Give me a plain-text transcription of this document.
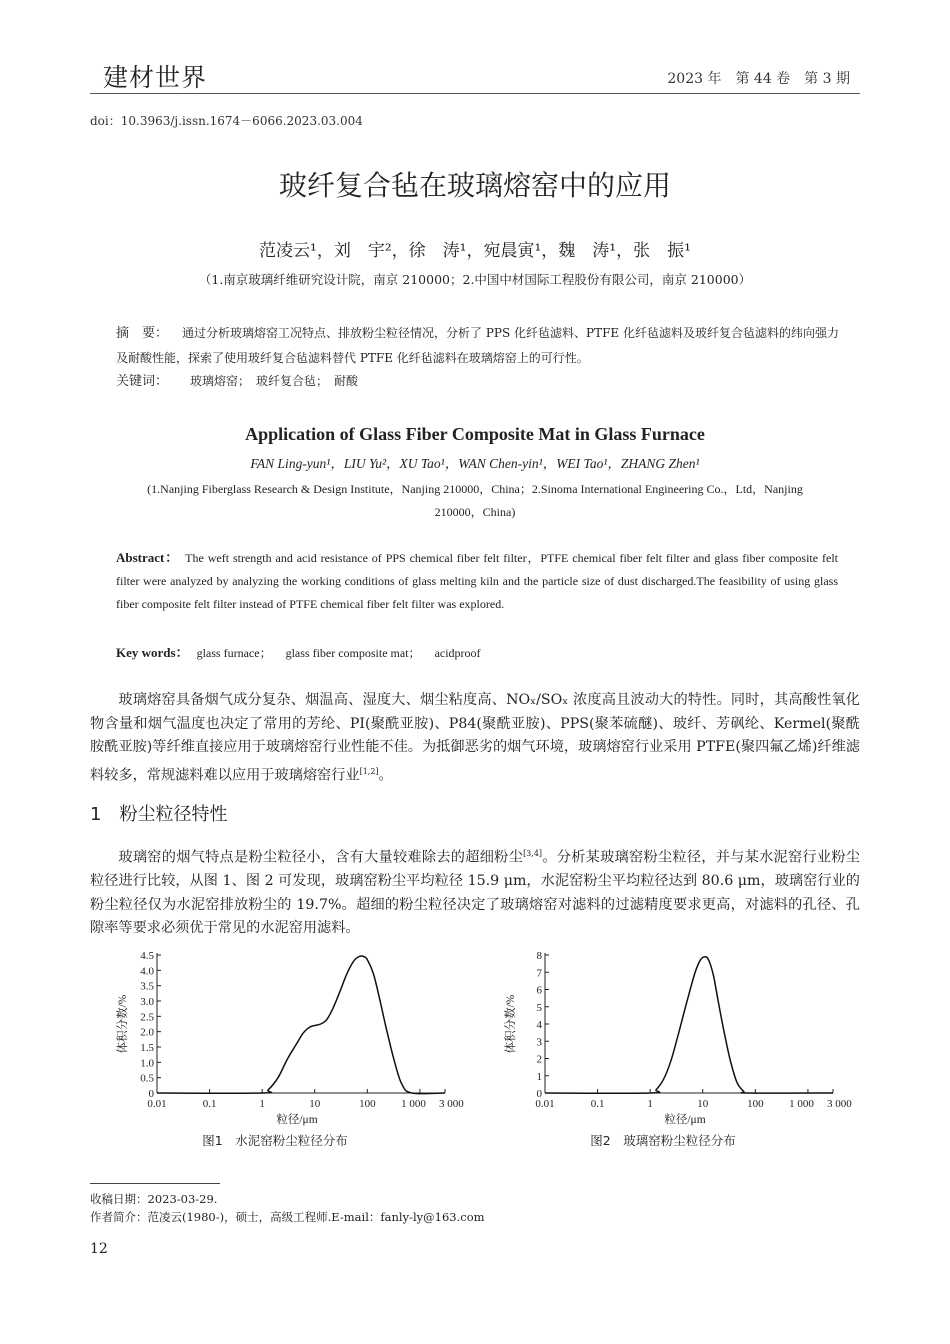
建材世界	2023 年　第 44 卷　第 3 期
doi：10.3963/j.issn.1674－6066.2023.03.004
玻纤复合毡在玻璃熔窑中的应用
范凌云¹，刘　宇²，徐　涛¹，宛晨寅¹，魏　涛¹，张　振¹
（1.南京玻璃纤维研究设计院，南京 210000；2.中国中材国际工程股份有限公司，南京 210000）
摘　要： 通过分析玻璃熔窑工况特点、排放粉尘粒径情况，分析了 PPS 化纤毡滤料、PTFE 化纤毡滤料及玻纤复合毡滤料的纬向强力及耐酸性能，探索了使用玻纤复合毡滤料替代 PTFE 化纤毡滤料在玻璃熔窑上的可行性。
关键词： 玻璃熔窑；　玻纤复合毡；　耐酸
Application of Glass Fiber Composite Mat in Glass Furnace
FAN Ling-yun¹，LIU Yu²，XU Tao¹，WAN Chen-yin¹，WEI Tao¹，ZHANG Zhen¹
(1.Nanjing Fiberglass Research & Design Institute，Nanjing 210000，China；2.Sinoma International Engineering Co.，Ltd，Nanjing 210000，China)
Abstract： The weft strength and acid resistance of PPS chemical fiber felt filter，PTFE chemical fiber felt filter and glass fiber composite felt filter were analyzed by analyzing the working conditions of glass melting kiln and the particle size of dust discharged.The feasibility of using glass fiber composite felt filter instead of PTFE chemical fiber felt filter was explored.
Key words： glass furnace； glass fiber composite mat； acidproof
玻璃熔窑具备烟气成分复杂、烟温高、湿度大、烟尘粘度高、NOₓ/SOₓ 浓度高且波动大的特性。同时，其高酸性氧化物含量和烟气温度也决定了常用的芳纶、PI(聚酰亚胺)、P84(聚酰亚胺)、PPS(聚苯硫醚)、玻纤、芳砜纶、Kermel(聚酰胺酰亚胺)等纤维直接应用于玻璃熔窑行业性能不佳。为抵御恶劣的烟气环境，玻璃熔窑行业采用 PTFE(聚四氟乙烯)纤维滤料较多，常规滤料难以应用于玻璃熔窑行业[1,2]。
1 粉尘粒径特性
玻璃窑的烟气特点是粉尘粒径小，含有大量较难除去的超细粉尘[3,4]。分析某玻璃窑粉尘粒径，并与某水泥窑行业粉尘粒径进行比较，从图 1、图 2 可发现，玻璃窑粉尘平均粒径 15.9 μm，水泥窑粉尘平均粒径达到 80.6 μm，玻璃窑行业的粉尘粒径仅为水泥窑排放粉尘的 19.7%。超细的粉尘粒径决定了玻璃熔窑对滤料的过滤精度要求更高，对滤料的孔径、孔隙率等要求必须优于常见的水泥窑用滤料。
0
0.5
1.0
1.5
2.0
2.5
3.0
3.5
4.0
4.5
0.01	0.1	1	10	100 1 000 3 000
粒径/μm
体积分数/%
图1　水泥窑粉尘粒径分布
0
1
2
3
4
5
6
7
8
0.01	0.1	1	10	100 1 000 3 000
粒径/μm
体积分数/%
图2　玻璃窑粉尘粒径分布
收稿日期：2023-03-29.
作者简介：范凌云(1980-)，硕士，高级工程师.E-mail：fanly-ly@163.com
12
